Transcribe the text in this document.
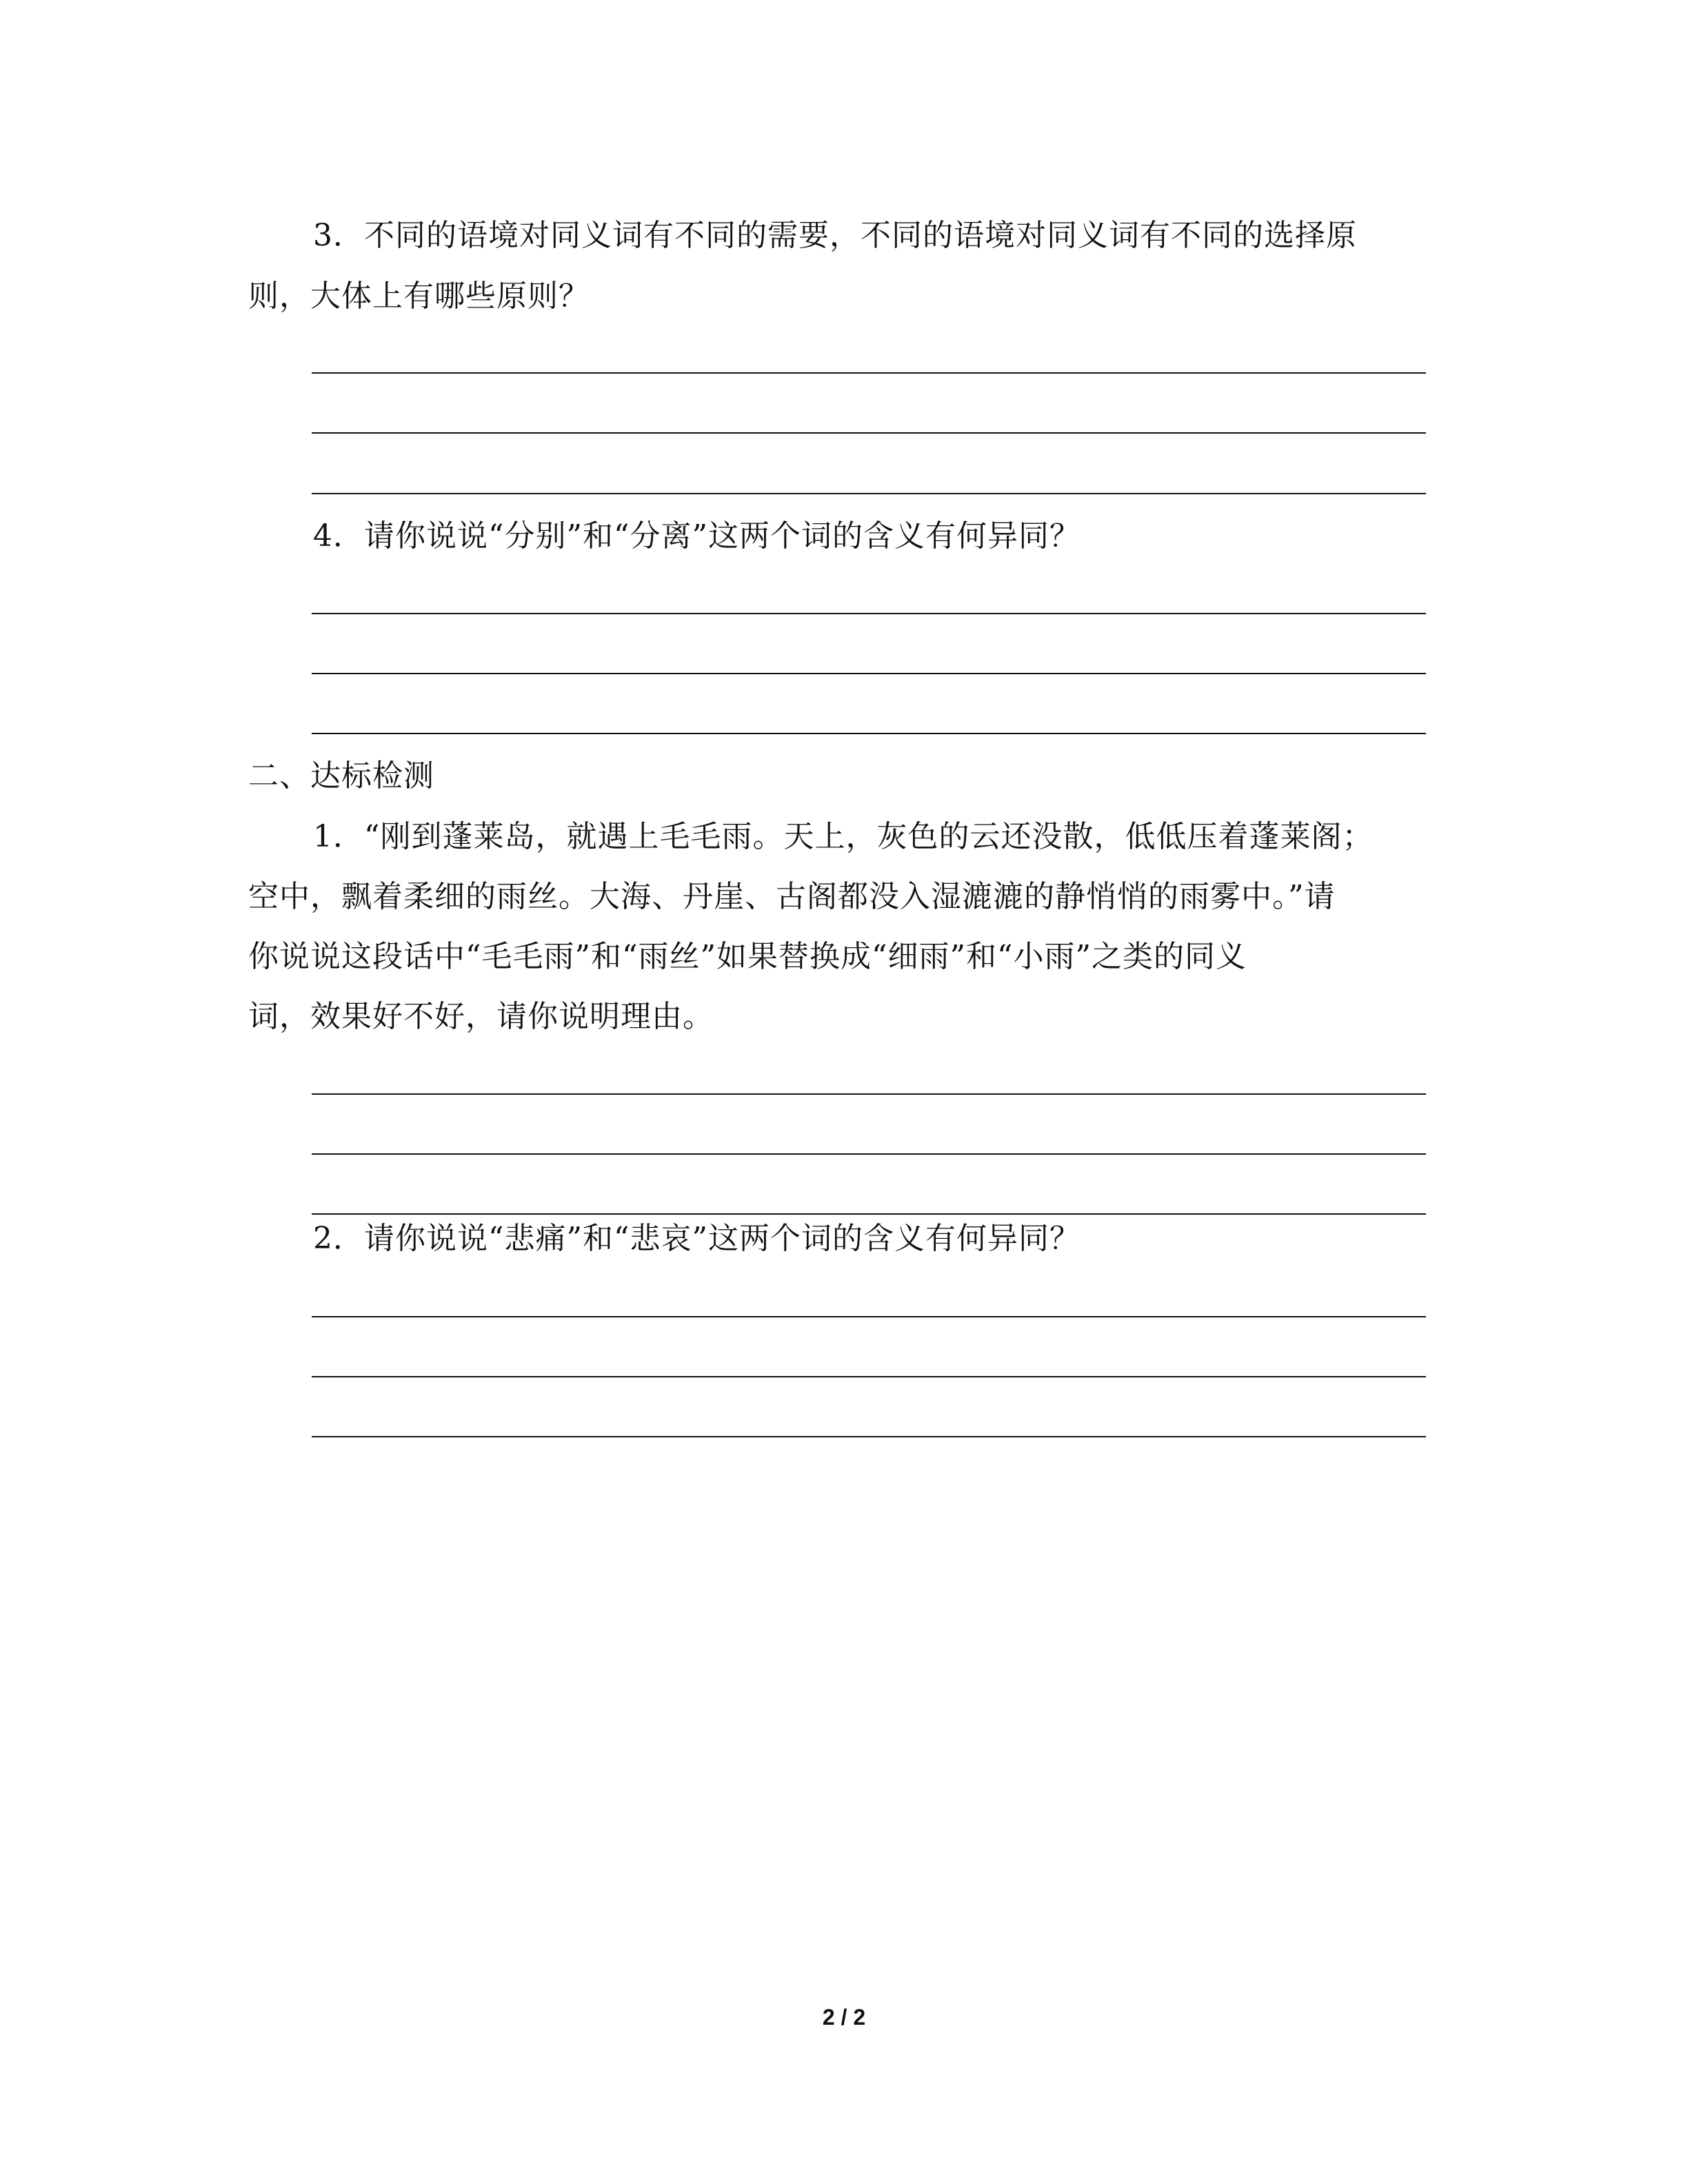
3．不同的语境对同义词有不同的需要，不同的语境对同义词有不同的选择原
则，大体上有哪些原则？
4．请你说说“分别”和“分离”这两个词的含义有何异同？
二、达标检测
1．“刚到蓬莱岛，就遇上毛毛雨。天上，灰色的云还没散，低低压着蓬莱阁；
空中，飘着柔细的雨丝。大海、丹崖、古阁都没入湿漉漉的静悄悄的雨雾中。”请
你说说这段话中“毛毛雨”和“雨丝”如果替换成“细雨”和“小雨”之类的同义
词，效果好不好，请你说明理由。
2．请你说说“悲痛”和“悲哀”这两个词的含义有何异同？
2 / 2
